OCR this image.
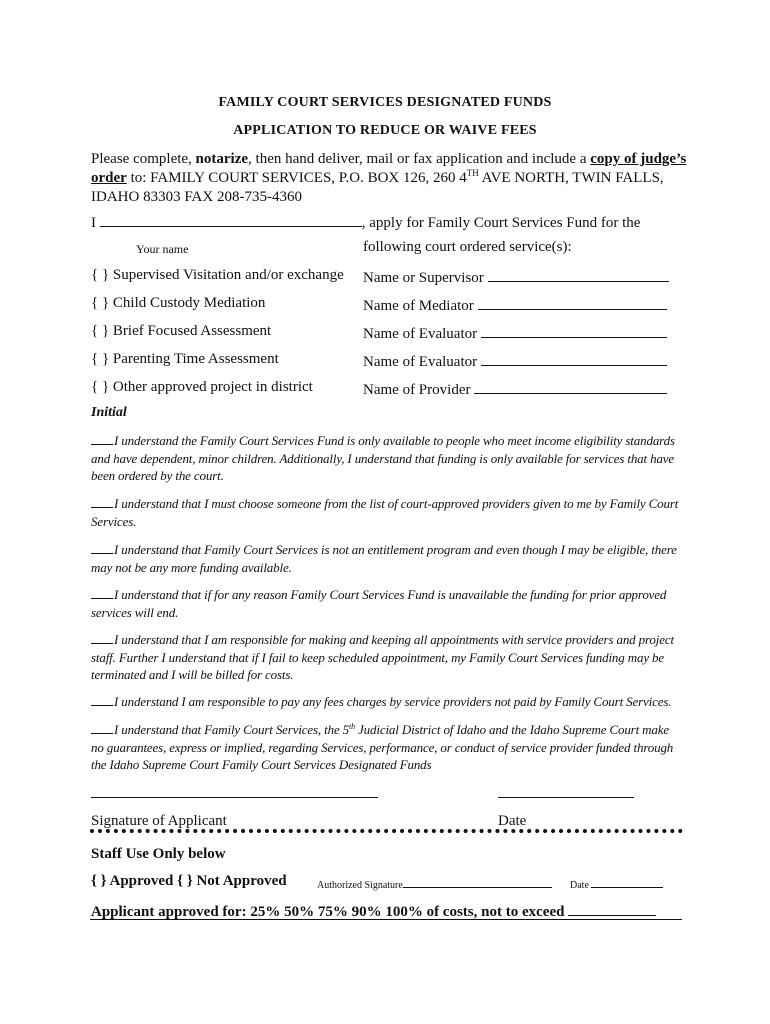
FAMILY COURT SERVICES DESIGNATED FUNDS
APPLICATION TO REDUCE OR WAIVE FEES
Please complete, notarize, then hand deliver, mail or fax application and include a copy of judge’s order to: FAMILY COURT SERVICES, P.O. BOX 126, 260 4TH AVE NORTH, TWIN FALLS, IDAHO 83303 FAX 208-735-4360
I	, apply for Family Court Services Fund for the
Your name	following court ordered service(s):
{ } Supervised Visitation and/or exchange Name or Supervisor
{ } Child Custody Mediation	Name of Mediator
{ } Brief Focused Assessment	Name of Evaluator
{ } Parenting Time Assessment	Name of Evaluator
{ } Other approved project in district	Name of Provider
Initial
I understand the Family Court Services Fund is only available to people who meet income eligibility standards and have dependent, minor children. Additionally, I understand that funding is only available for services that have been ordered by the court.
I understand that I must choose someone from the list of court-approved providers given to me by Family Court Services.
I understand that Family Court Services is not an entitlement program and even though I may be eligible, there may not be any more funding available.
I understand that if for any reason Family Court Services Fund is unavailable the funding for prior approved services will end.
I understand that I am responsible for making and keeping all appointments with service providers and project staff. Further I understand that if I fail to keep scheduled appointment, my Family Court Services funding may be terminated and I will be billed for costs.
I understand I am responsible to pay any fees charges by service providers not paid by Family Court Services.
I understand that Family Court Services, the 5th Judicial District of Idaho and the Idaho Supreme Court make no guarantees, express or implied, regarding Services, performance, or conduct of service provider funded through the Idaho Supreme Court Family Court Services Designated Funds
Signature of Applicant	Date
Staff Use Only below
{ } Approved { } Not Approved	Authorized Signature	Date
Applicant approved for: 25% 50% 75% 90% 100% of costs, not to exceed
